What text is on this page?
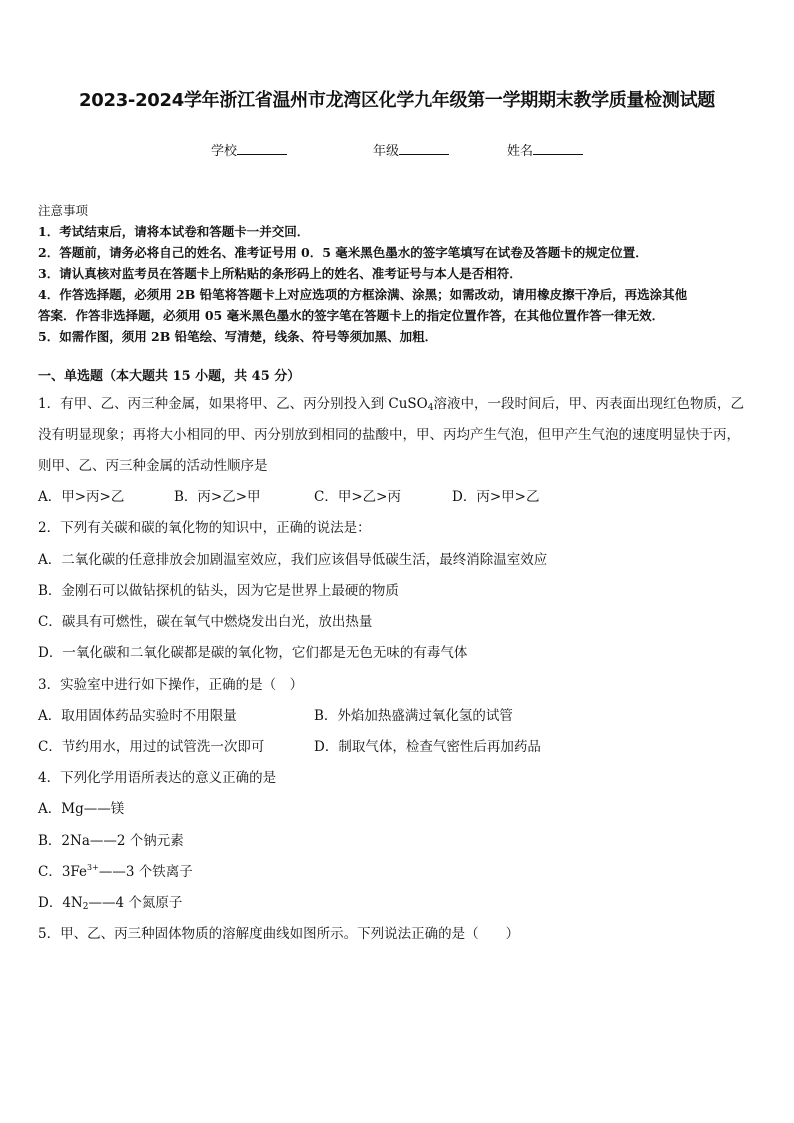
2023-2024学年浙江省温州市龙湾区化学九年级第一学期期末教学质量检测试题
学校	年级	姓名
注意事项
1．考试结束后，请将本试卷和答题卡一并交回．
2．答题前，请务必将自己的姓名、准考证号用 0．5 毫米黑色墨水的签字笔填写在试卷及答题卡的规定位置．
3．请认真核对监考员在答题卡上所粘贴的条形码上的姓名、准考证号与本人是否相符．
4．作答选择题，必须用 2B 铅笔将答题卡上对应选项的方框涂满、涂黑；如需改动，请用橡皮擦干净后，再选涂其他
答案．作答非选择题，必须用 05 毫米黑色墨水的签字笔在答题卡上的指定位置作答，在其他位置作答一律无效．
5．如需作图，须用 2B 铅笔绘、写清楚，线条、符号等须加黑、加粗．
一、单选题（本大题共 15 小题，共 45 分）
1．有甲、乙、丙三种金属，如果将甲、乙、丙分别投入到 CuSO$_4$溶液中，一段时间后，甲、丙表面出现红色物质，乙
没有明显现象；再将大小相同的甲、丙分别放到相同的盐酸中，甲、丙均产生气泡，但甲产生气泡的速度明显快于丙，
则甲、乙、丙三种金属的活动性顺序是
A．甲>丙>乙	B．丙>乙>甲	C．甲>乙>丙	D．丙>甲>乙
2．下列有关碳和碳的氧化物的知识中，正确的说法是：
A．二氧化碳的任意排放会加剧温室效应，我们应该倡导低碳生活，最终消除温室效应
B．金刚石可以做钻探机的钻头，因为它是世界上最硬的物质
C．碳具有可燃性，碳在氧气中燃烧发出白光，放出热量
D．一氧化碳和二氧化碳都是碳的氧化物，它们都是无色无味的有毒气体
3．实验室中进行如下操作，正确的是（　）
A．取用固体药品实验时不用限量	B．外焰加热盛满过氧化氢的试管
C．节约用水，用过的试管洗一次即可	D．制取气体，检查气密性后再加药品
4．下列化学用语所表达的意义正确的是
A．Mg——镁
B．2Na——2 个钠元素
C．$3Fe^{3+}——3$ 个铁离子
D．$4N_2——4$ 个氮原子
5．甲、乙、丙三种固体物质的溶解度曲线如图所示。下列说法正确的是（　　）
